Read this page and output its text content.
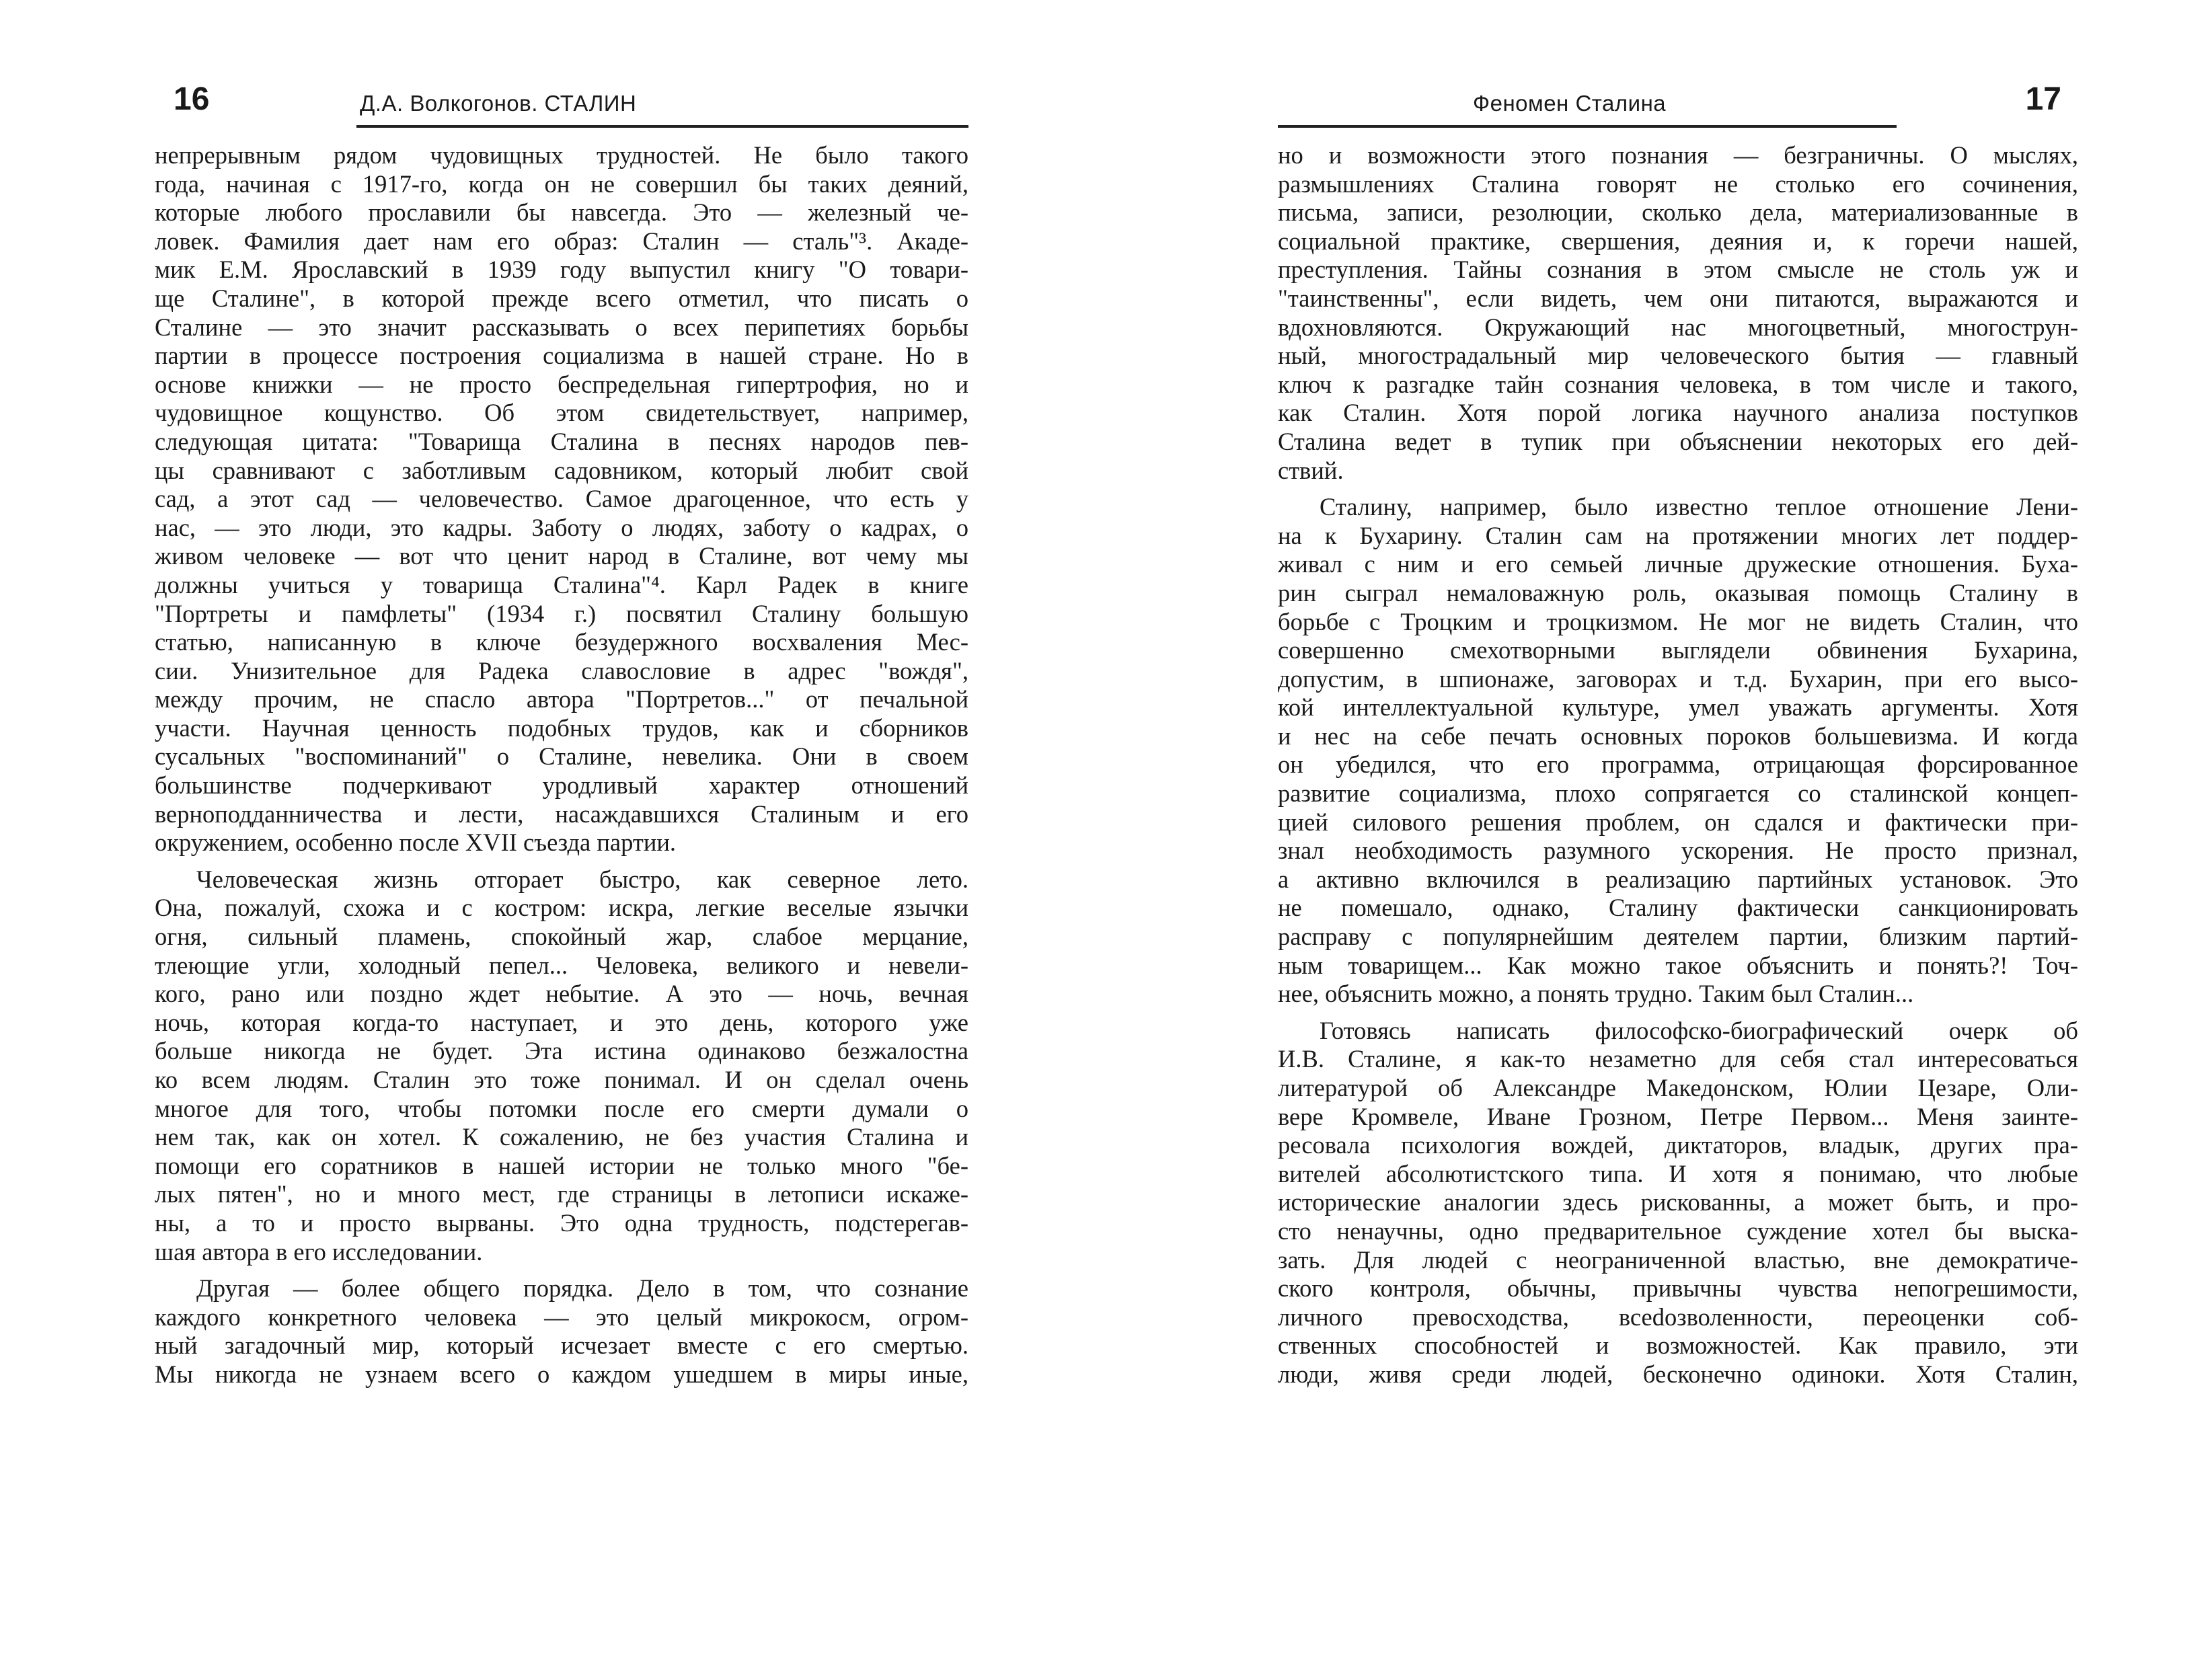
16	Д.А. Волкогонов. СТАЛИН
непрерывным рядом чудовищных трудностей. Не было такого
года, начиная с 1917-го, когда он не совершил бы таких деяний,
которые любого прославили бы навсегда. Это — железный че-
ловек. Фамилия дает нам его образ: Сталин — сталь"³. Акаде-
мик Е.М. Ярославский в 1939 году выпустил книгу "О товари-
ще Сталине", в которой прежде всего отметил, что писать о
Сталине — это значит рассказывать о всех перипетиях борьбы
партии в процессе построения социализма в нашей стране. Но в
основе книжки — не просто беспредельная гипертрофия, но и
чудовищное кощунство. Об этом свидетельствует, например,
следующая цитата: "Товарища Сталина в песнях народов пев-
цы сравнивают с заботливым садовником, который любит свой
сад, а этот сад — человечество. Самое драгоценное, что есть у
нас, — это люди, это кадры. Заботу о людях, заботу о кадрах, о
живом человеке — вот что ценит народ в Сталине, вот чему мы
должны учиться у товарища Сталина"⁴. Карл Радек в книге
"Портреты и памфлеты" (1934 г.) посвятил Сталину большую
статью, написанную в ключе безудержного восхваления Мес-
сии. Унизительное для Радека славословие в адрес "вождя",
между прочим, не спасло автора "Портретов..." от печальной
участи. Научная ценность подобных трудов, как и сборников
сусальных "воспоминаний" о Сталине, невелика. Они в своем
большинстве подчеркивают уродливый характер отношений
верноподданничества и лести, насаждавшихся Сталиным и его
окружением, особенно после XVII съезда партии.
Человеческая жизнь отгорает быстро, как северное лето.
Она, пожалуй, схожа и с костром: искра, легкие веселые язычки
огня, сильный пламень, спокойный жар, слабое мерцание,
тлеющие угли, холодный пепел... Человека, великого и невели-
кого, рано или поздно ждет небытие. А это — ночь, вечная
ночь, которая когда-то наступает, и это день, которого уже
больше никогда не будет. Эта истина одинаково безжалостна
ко всем людям. Сталин это тоже понимал. И он сделал очень
многое для того, чтобы потомки после его смерти думали о
нем так, как он хотел. К сожалению, не без участия Сталина и
помощи его соратников в нашей истории не только много "бе-
лых пятен", но и много мест, где страницы в летописи искаже-
ны, а то и просто вырваны. Это одна трудность, подстерегав-
шая автора в его исследовании.
Другая — более общего порядка. Дело в том, что сознание
каждого конкретного человека — это целый микрокосм, огром-
ный загадочный мир, который исчезает вместе с его смертью.
Мы никогда не узнаем всего о каждом ушедшем в миры иные,
Феномен Сталина	17
но и возможности этого познания — безграничны. О мыслях,
размышлениях Сталина говорят не столько его сочинения,
письма, записи, резолюции, сколько дела, материализованные в
социальной практике, свершения, деяния и, к горечи нашей,
преступления. Тайны сознания в этом смысле не столь уж и
"таинственны", если видеть, чем они питаются, выражаются и
вдохновляются. Окружающий нас многоцветный, многострун-
ный, многострадальный мир человеческого бытия — главный
ключ к разгадке тайн сознания человека, в том числе и такого,
как Сталин. Хотя порой логика научного анализа поступков
Сталина ведет в тупик при объяснении некоторых его дей-
ствий.
Сталину, например, было известно теплое отношение Лени-
на к Бухарину. Сталин сам на протяжении многих лет поддер-
живал с ним и его семьей личные дружеские отношения. Буха-
рин сыграл немаловажную роль, оказывая помощь Сталину в
борьбе с Троцким и троцкизмом. Не мог не видеть Сталин, что
совершенно смехотворными выглядели обвинения Бухарина,
допустим, в шпионаже, заговорах и т.д. Бухарин, при его высо-
кой интеллектуальной культуре, умел уважать аргументы. Хотя
и нес на себе печать основных пороков большевизма. И когда
он убедился, что его программа, отрицающая форсированное
развитие социализма, плохо сопрягается со сталинской концеп-
цией силового решения проблем, он сдался и фактически при-
знал необходимость разумного ускорения. Не просто признал,
а активно включился в реализацию партийных установок. Это
не помешало, однако, Сталину фактически санкционировать
расправу с популярнейшим деятелем партии, близким партий-
ным товарищем... Как можно такое объяснить и понять?! Точ-
нее, объяснить можно, а понять трудно. Таким был Сталин...
Готовясь написать философско-биографический очерк об
И.В. Сталине, я как-то незаметно для себя стал интересоваться
литературой об Александре Македонском, Юлии Цезаре, Оли-
вере Кромвеле, Иване Грозном, Петре Первом... Меня заинте-
ресовала психология вождей, диктаторов, владык, других пра-
вителей абсолютистского типа. И хотя я понимаю, что любые
исторические аналогии здесь рискованны, а может быть, и про-
сто ненаучны, одно предварительное суждение хотел бы выска-
зать. Для людей с неограниченной властью, вне демократиче-
ского контроля, обычны, привычны чувства непогрешимости,
личного превосходства, всеdозволенности, переоценки соб-
ственных способностей и возможностей. Как правило, эти
люди, живя среди людей, бесконечно одиноки. Хотя Сталин,
